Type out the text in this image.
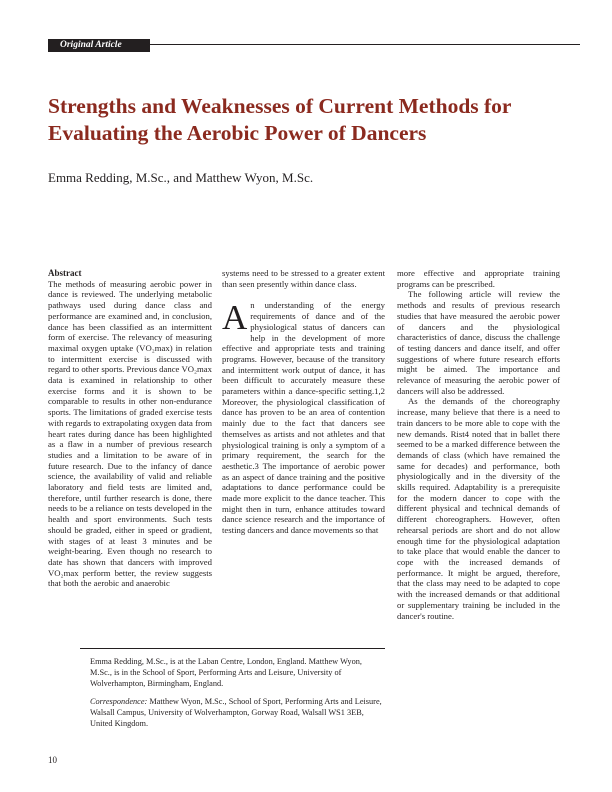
Original Article
Strengths and Weaknesses of Current Methods for Evaluating the Aerobic Power of Dancers

Emma Redding, M.Sc., and Matthew Wyon, M.Sc.

Abstract

The methods of measuring aerobic power in dance is reviewed. The underlying metabolic pathways used during dance class and performance are examined and, in conclusion, dance has been classified as an intermittent form of exercise. The relevancy of measuring maximal oxygen uptake (VO₂max) in relation to intermittent exercise is discussed with regard to other sports. Previous dance VO₂max data is examined in relationship to other exercise forms and it is shown to be comparable to results in other non-endurance sports. The limitations of graded exercise tests with regards to extrapolating oxygen data from heart rates during dance has been highlighted as a flaw in a number of previous research studies and a limitation to be aware of in future research. Due to the infancy of dance science, the availability of valid and reliable laboratory and field tests are limited and, therefore, until further research is done, there needs to be a reliance on tests developed in the health and sport environments. Such tests should be graded, either in speed or gradient, with stages of at least 3 minutes and be weight-bearing. Even though no research to date has shown that dancers with improved VO₂max perform better, the review suggests that both the aerobic and anaerobic

systems need to be stressed to a greater extent than seen presently within dance class.

An understanding of the energy requirements of dance and of the physiological status of dancers can help in the development of more effective and appropriate tests and training programs. However, because of the transitory and intermittent work output of dance, it has been difficult to accurately measure these parameters within a dance-specific setting.1,2 Moreover, the physiological classification of dance has proven to be an area of contention mainly due to the fact that dancers see themselves as artists and not athletes and that physiological training is only a symptom of a primary requirement, the search for the aesthetic.3 The importance of aerobic power as an aspect of dance training and the positive adaptations to dance performance could be made more explicit to the dance teacher. This might then in turn, enhance attitudes toward dance science research and the importance of testing dancers and dance movements so that

more effective and appropriate training programs can be prescribed.

The following article will review the methods and results of previous research studies that have measured the aerobic power of dancers and the physiological characteristics of dance, discuss the challenge of testing dancers and dance itself, and offer suggestions of where future research efforts might be aimed. The importance and relevance of measuring the aerobic power of dancers will also be addressed.

As the demands of the choreography increase, many believe that there is a need to train dancers to be more able to cope with the new demands. Rist4 noted that in ballet there seemed to be a marked difference between the demands of class (which have remained the same for decades) and performance, both physiologically and in the diversity of the skills required. Adaptability is a prerequisite for the modern dancer to cope with the different physical and technical demands of different choreographers. However, often rehearsal periods are short and do not allow enough time for the physiological adaptation to take place that would enable the dancer to cope with the increased demands of performance. It might be argued, therefore, that the class may need to be adapted to cope with the increased demands or that additional or supplementary training be included in the dancer's routine.

Emma Redding, M.Sc., is at the Laban Centre, London, England. Matthew Wyon, M.Sc., is in the School of Sport, Performing Arts and Leisure, University of Wolverhampton, Birmingham, England.

Correspondence: Matthew Wyon, M.Sc., School of Sport, Performing Arts and Leisure, Walsall Campus, University of Wolverhampton, Gorway Road, Walsall WS1 3EB, United Kingdom.

10
